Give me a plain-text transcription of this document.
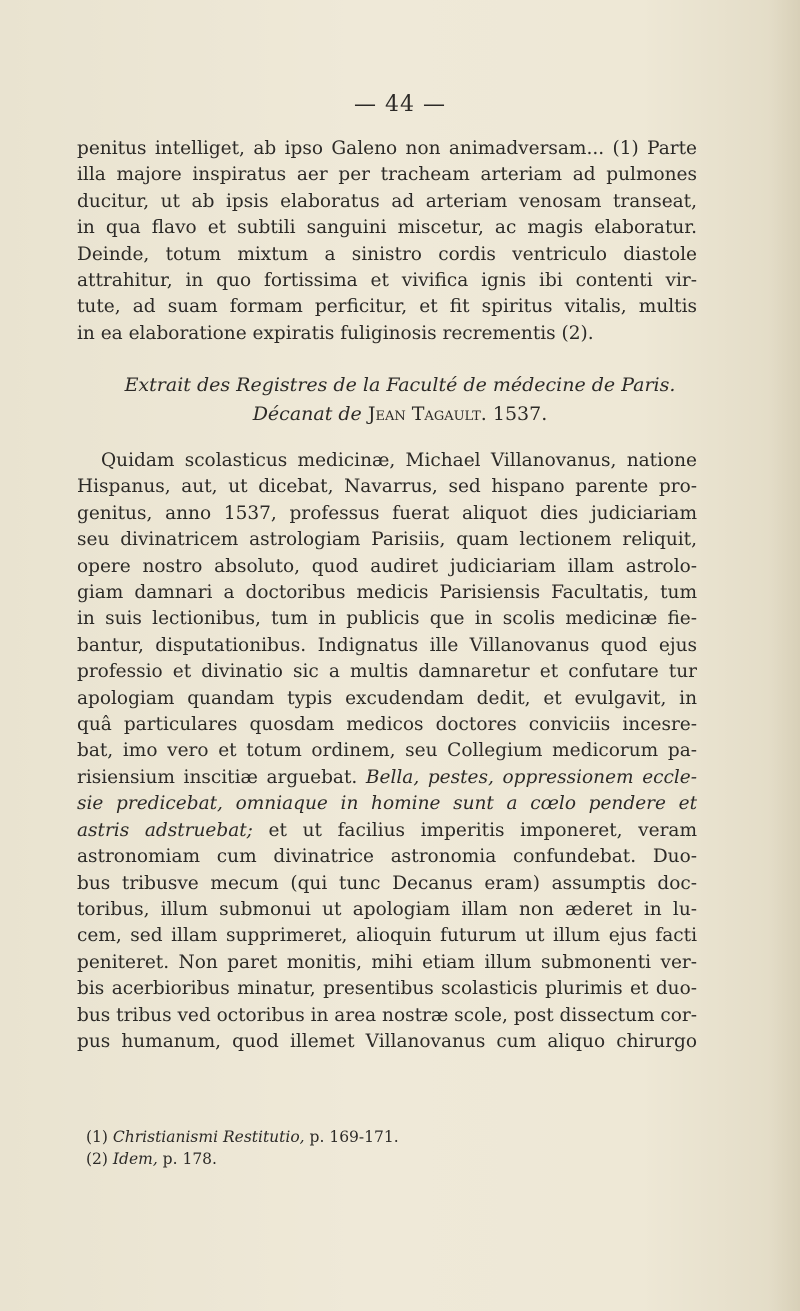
— 44 —
penitus intelliget, ab ipso Galeno non animadversam... (1) Parte
illa majore inspiratus aer per tracheam arteriam ad pulmones
ducitur, ut ab ipsis elaboratus ad arteriam venosam transeat,
in qua flavo et subtili sanguini miscetur, ac magis elaboratur.
Deinde, totum mixtum a sinistro cordis ventriculo diastole
attrahitur, in quo fortissima et vivifica ignis ibi contenti vir-
tute, ad suam formam perficitur, et fit spiritus vitalis, multis
in ea elaboratione expiratis fuliginosis recrementis (2).
Extrait des Registres de la Faculté de médecine de Paris.
Décanat de Jean Tagault. 1537.
Quidam scolasticus medicinæ, Michael Villanovanus, natione
Hispanus, aut, ut dicebat, Navarrus, sed hispano parente pro-
genitus, anno 1537, professus fuerat aliquot dies judiciariam
seu divinatricem astrologiam Parisiis, quam lectionem reliquit,
opere nostro absoluto, quod audiret judiciariam illam astrolo-
giam damnari a doctoribus medicis Parisiensis Facultatis, tum
in suis lectionibus, tum in publicis que in scolis medicinæ fie-
bantur, disputationibus. Indignatus ille Villanovanus quod ejus
professio et divinatio sic a multis damnaretur et confutare tur
apologiam quandam typis excudendam dedit, et evulgavit, in
quâ particulares quosdam medicos doctores conviciis incesre-
bat, imo vero et totum ordinem, seu Collegium medicorum pa-
risiensium inscitiæ arguebat. Bella, pestes, oppressionem eccle-
sie predicebat, omniaque in homine sunt a cœlo pendere et
astris adstruebat; et ut facilius imperitis imponeret, veram
astronomiam cum divinatrice astronomia confundebat. Duo-
bus tribusve mecum (qui tunc Decanus eram) assumptis doc-
toribus, illum submonui ut apologiam illam non æderet in lu-
cem, sed illam supprimeret, alioquin futurum ut illum ejus facti
peniteret. Non paret monitis, mihi etiam illum submonenti ver-
bis acerbioribus minatur, presentibus scolasticis plurimis et duo-
bus tribus ved octoribus in area nostræ scole, post dissectum cor-
pus humanum, quod illemet Villanovanus cum aliquo chirurgo
(1) Christianismi Restitutio, p. 169-171.
(2) Idem, p. 178.
